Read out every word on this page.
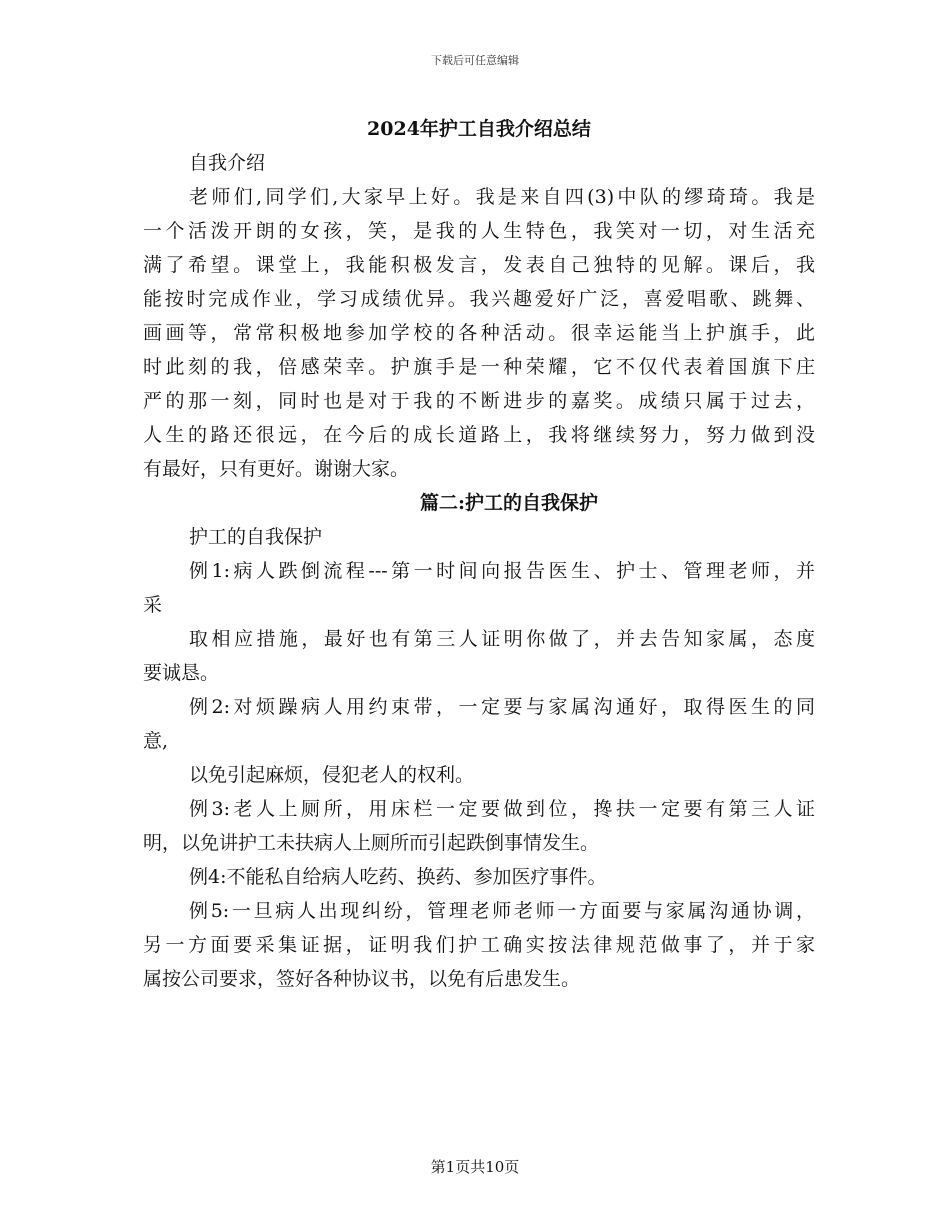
下载后可任意编辑

2024年护工自我介绍总结

自我介绍

老师们,同学们,大家早上好。我是来自四(3)中队的缪琦琦。我是

一个活泼开朗的女孩，笑，是我的人生特色，我笑对一切，对生活充

满了希望。课堂上，我能积极发言，发表自己独特的见解。课后，我

能按时完成作业，学习成绩优异。我兴趣爱好广泛，喜爱唱歌、跳舞、

画画等，常常积极地参加学校的各种活动。很幸运能当上护旗手，此

时此刻的我，倍感荣幸。护旗手是一种荣耀，它不仅代表着国旗下庄

严的那一刻，同时也是对于我的不断进步的嘉奖。成绩只属于过去，

人生的路还很远，在今后的成长道路上，我将继续努力，努力做到没

有最好，只有更好。谢谢大家。

篇二:护工的自我保护

护工的自我保护

例1:病人跌倒流程---第一时间向报告医生、护士、管理老师，并

采

取相应措施，最好也有第三人证明你做了，并去告知家属，态度

要诚恳。

例2:对烦躁病人用约束带，一定要与家属沟通好，取得医生的同

意,

以免引起麻烦，侵犯老人的权利。

例3:老人上厕所，用床栏一定要做到位，搀扶一定要有第三人证

明，以免讲护工未扶病人上厕所而引起跌倒事情发生。

例4:不能私自给病人吃药、换药、参加医疗事件。

例5:一旦病人出现纠纷，管理老师老师一方面要与家属沟通协调，

另一方面要采集证据，证明我们护工确实按法律规范做事了，并于家

属按公司要求，签好各种协议书，以免有后患发生。

第1页共10页
